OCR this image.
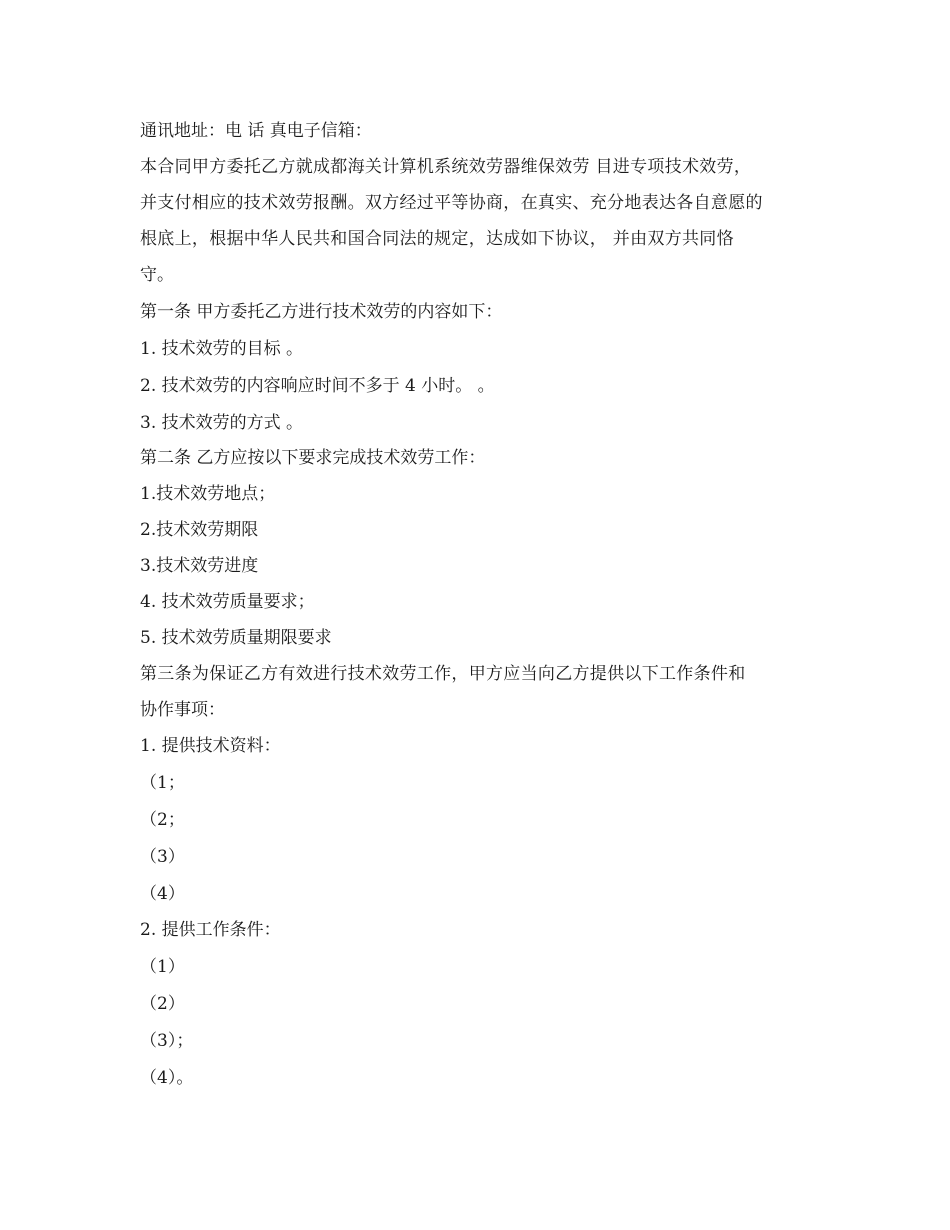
通讯地址：电 话 真电子信箱：

本合同甲方委托乙方就成都海关计算机系统效劳器维保效劳 目进专项技术效劳，

并支付相应的技术效劳报酬。双方经过平等协商，在真实、充分地表达各自意愿的

根底上，根据中华人民共和国合同法的规定，达成如下协议， 并由双方共同恪

守。

第一条 甲方委托乙方进行技术效劳的内容如下：

1. 技术效劳的目标 。

2. 技术效劳的内容响应时间不多于 4 小时。 。

3. 技术效劳的方式 。

第二条 乙方应按以下要求完成技术效劳工作：

1.技术效劳地点；

2.技术效劳期限

3.技术效劳进度

4. 技术效劳质量要求；

5. 技术效劳质量期限要求

第三条为保证乙方有效进行技术效劳工作，甲方应当向乙方提供以下工作条件和

协作事项：

1. 提供技术资料：

（1；

（2；

（3）

（4）

2. 提供工作条件：

（1）

（2）

（3）；

（4）。
